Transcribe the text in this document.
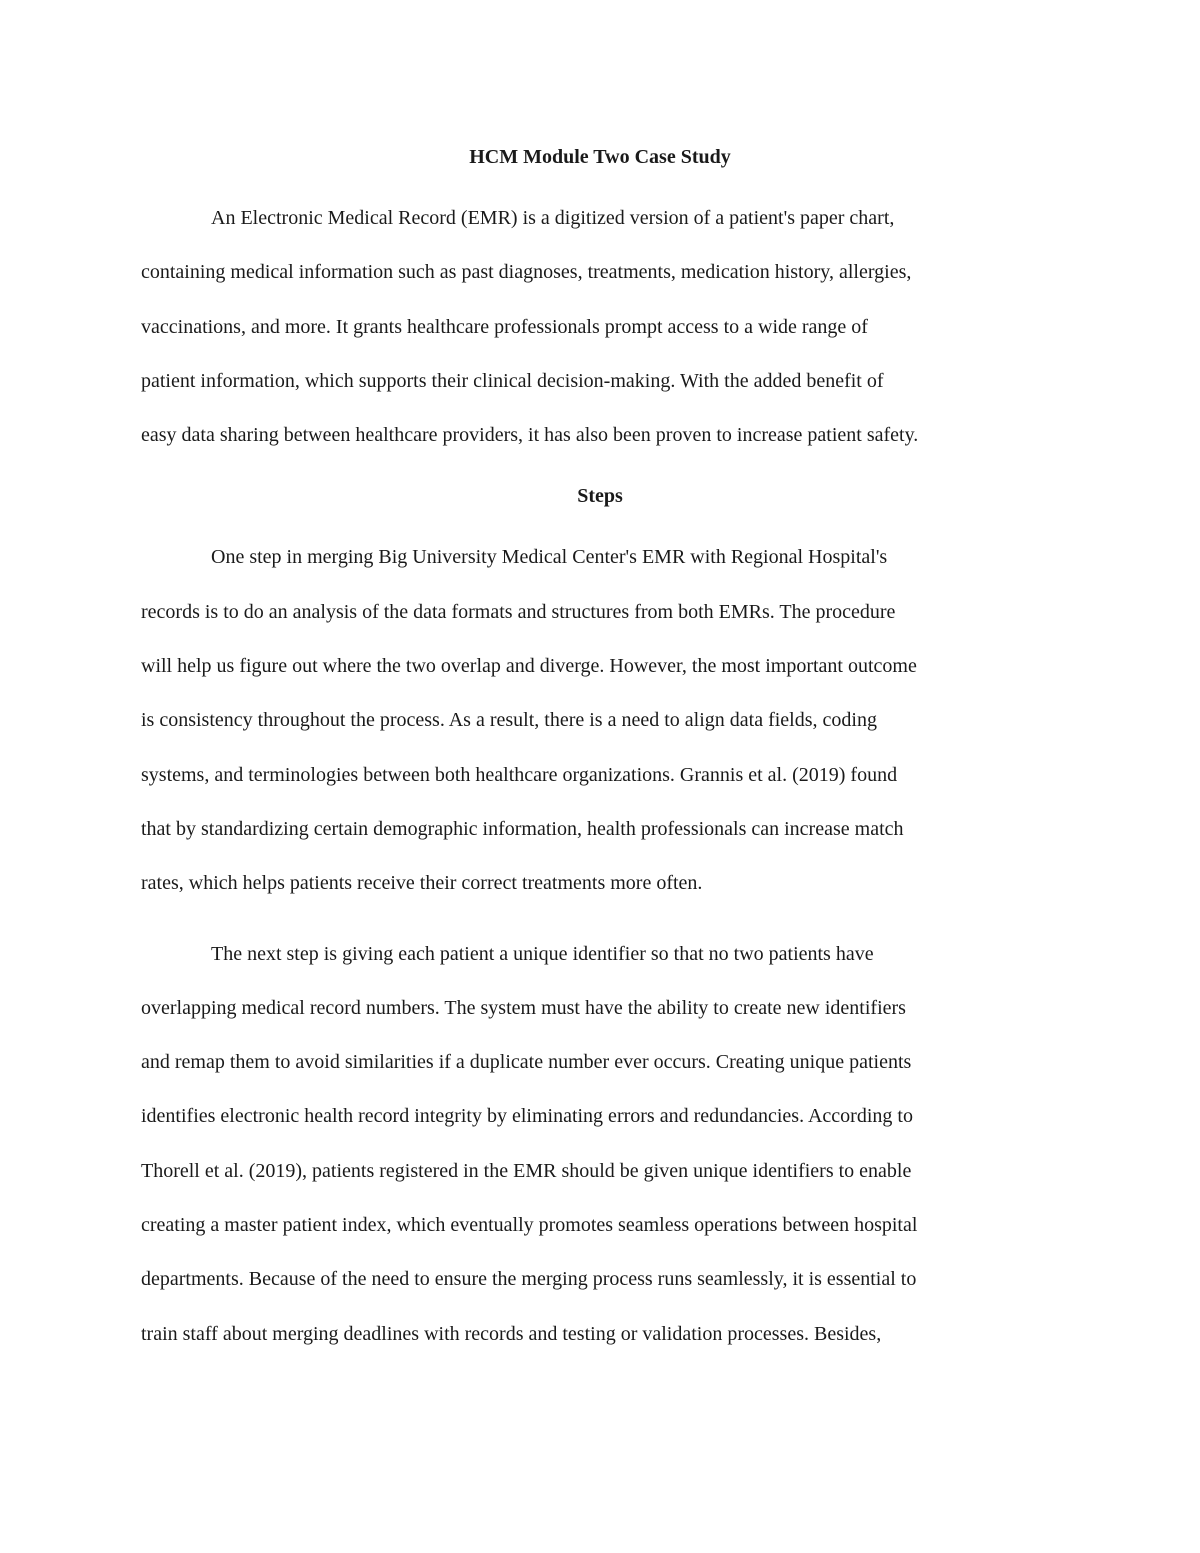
HCM Module Two Case Study

An Electronic Medical Record (EMR) is a digitized version of a patient's paper chart,
containing medical information such as past diagnoses, treatments, medication history, allergies,
vaccinations, and more. It grants healthcare professionals prompt access to a wide range of
patient information, which supports their clinical decision-making. With the added benefit of
easy data sharing between healthcare providers, it has also been proven to increase patient safety.

Steps

One step in merging Big University Medical Center's EMR with Regional Hospital's
records is to do an analysis of the data formats and structures from both EMRs. The procedure
will help us figure out where the two overlap and diverge. However, the most important outcome
is consistency throughout the process. As a result, there is a need to align data fields, coding
systems, and terminologies between both healthcare organizations. Grannis et al. (2019) found
that by standardizing certain demographic information, health professionals can increase match
rates, which helps patients receive their correct treatments more often.

The next step is giving each patient a unique identifier so that no two patients have
overlapping medical record numbers. The system must have the ability to create new identifiers
and remap them to avoid similarities if a duplicate number ever occurs. Creating unique patients
identifies electronic health record integrity by eliminating errors and redundancies. According to
Thorell et al. (2019), patients registered in the EMR should be given unique identifiers to enable
creating a master patient index, which eventually promotes seamless operations between hospital
departments. Because of the need to ensure the merging process runs seamlessly, it is essential to
train staff about merging deadlines with records and testing or validation processes. Besides,
